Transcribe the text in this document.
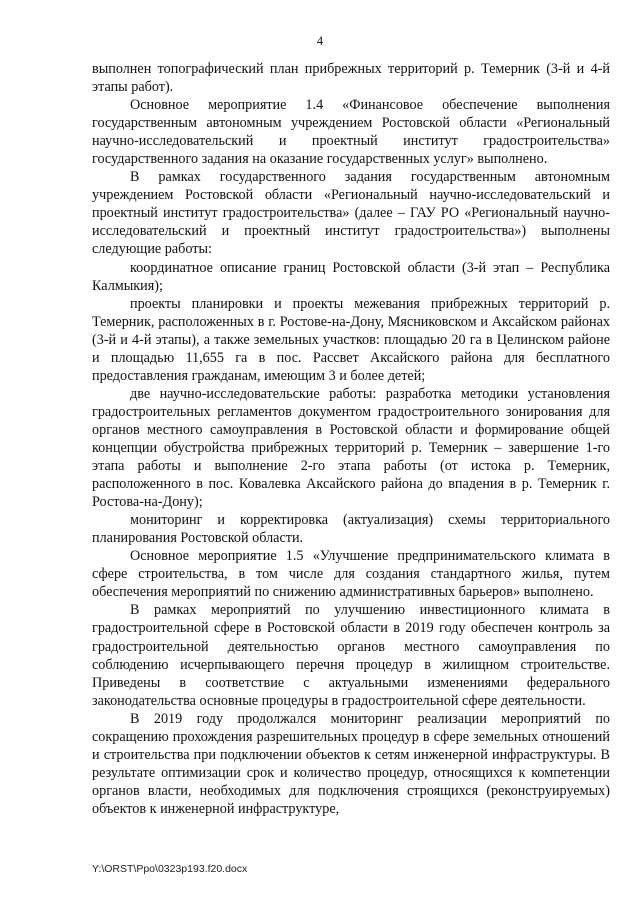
4

выполнен топографический план прибрежных территорий р. Темерник (3-й и 4-й этапы работ).

Основное мероприятие 1.4 «Финансовое обеспечение выполнения государственным автономным учреждением Ростовской области «Региональный научно-исследовательский и проектный институт градостроительства» государственного задания на оказание государственных услуг» выполнено.

В рамках государственного задания государственным автономным учреждением Ростовской области «Региональный научно-исследовательский и проектный институт градостроительства» (далее – ГАУ РО «Региональный научно-исследовательский и проектный институт градостроительства») выполнены следующие работы:

координатное описание границ Ростовской области (3-й этап – Республика Калмыкия);

проекты планировки и проекты межевания прибрежных территорий р. Темерник, расположенных в г. Ростове-на-Дону, Мясниковском и Аксайском районах (3-й и 4-й этапы), а также земельных участков: площадью 20 га в Целинском районе и площадью 11,655 га в пос. Рассвет Аксайского района для бесплатного предоставления гражданам, имеющим 3 и более детей;

две научно-исследовательские работы: разработка методики установления градостроительных регламентов документом градостроительного зонирования для органов местного самоуправления в Ростовской области и формирование общей концепции обустройства прибрежных территорий р. Темерник – завершение 1-го этапа работы и выполнение 2-го этапа работы (от истока р. Темерник, расположенного в пос. Ковалевка Аксайского района до впадения в р. Темерник г. Ростова-на-Дону);

мониторинг и корректировка (актуализация) схемы территориального планирования Ростовской области.

Основное мероприятие 1.5 «Улучшение предпринимательского климата в сфере строительства, в том числе для создания стандартного жилья, путем обеспечения мероприятий по снижению административных барьеров» выполнено.

В рамках мероприятий по улучшению инвестиционного климата в градостроительной сфере в Ростовской области в 2019 году обеспечен контроль за градостроительной деятельностью органов местного самоуправления по соблюдению исчерпывающего перечня процедур в жилищном строительстве. Приведены в соответствие с актуальными изменениями федерального законодательства основные процедуры в градостроительной сфере деятельности.

В 2019 году продолжался мониторинг реализации мероприятий по сокращению прохождения разрешительных процедур в сфере земельных отношений и строительства при подключении объектов к сетям инженерной инфраструктуры. В результате оптимизации срок и количество процедур, относящихся к компетенции органов власти, необходимых для подключения строящихся (реконструируемых) объектов к инженерной инфраструктуре,

Y:\ORST\Ppo\0323p193.f20.docx
